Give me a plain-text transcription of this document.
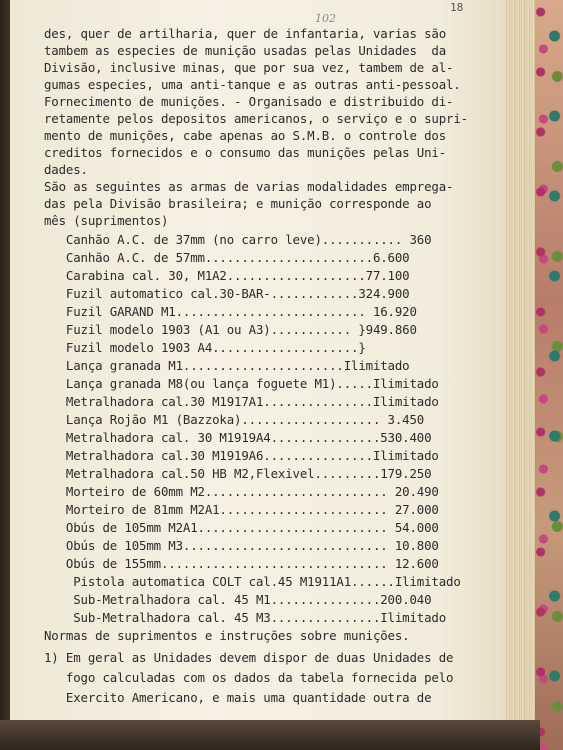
18
102

des, quer de artilharia, quer de infantaria, varias são

tambem as especies de munição usadas pelas Unidades  da

Divisão, inclusive minas, que por sua vez, tambem de al-

gumas especies, uma anti-tanque e as outras anti-pessoal.

Fornecimento de munições. - Organisado e distribuido di-

retamente pelos depositos americanos, o serviço e o supri-

mento de munições, cabe apenas ao S.M.B. o controle dos

creditos fornecidos e o consumo das munições pelas Uni-

dades.

São as seguintes as armas de varias modalidades emprega-

das pela Divisão brasileira; e munição corresponde ao

mês (suprimentos)

Canhão A.C. de 37mm (no carro leve)........... 360

Canhão A.C. de 57mm.......................6.600

Carabina cal. 30, M1A2...................77.100

Fuzil automatico cal.30-BAR-............324.900

Fuzil GARAND M1.......................... 16.920

Fuzil modelo 1903 (A1 ou A3)........... }949.860

Fuzil modelo 1903 A4....................}

Lança granada M1......................Ilimitado

Lança granada M8(ou lança foguete M1).....Ilimitado

Metralhadora cal.30 M1917A1...............Ilimitado

Lança Rojão M1 (Bazzoka)................... 3.450

Metralhadora cal. 30 M1919A4...............530.400

Metralhadora cal.30 M1919A6...............Ilimitado

Metralhadora cal.50 HB M2,Flexivel.........179.250

Morteiro de 60mm M2......................... 20.490

Morteiro de 81mm M2A1....................... 27.000

Obús de 105mm M2A1.......................... 54.000

Obús de 105mm M3............................ 10.800

Obús de 155mm............................... 12.600

Pistola automatica COLT cal.45 M1911A1......Ilimitado

Sub-Metralhadora cal. 45 M1...............200.040

Sub-Metralhadora cal. 45 M3...............Ilimitado

Normas de suprimentos e instruções sobre munições.

1) Em geral as Unidades devem dispor de duas Unidades de

fogo calculadas com os dados da tabela fornecida pelo

Exercito Americano, e mais uma quantidade outra de
